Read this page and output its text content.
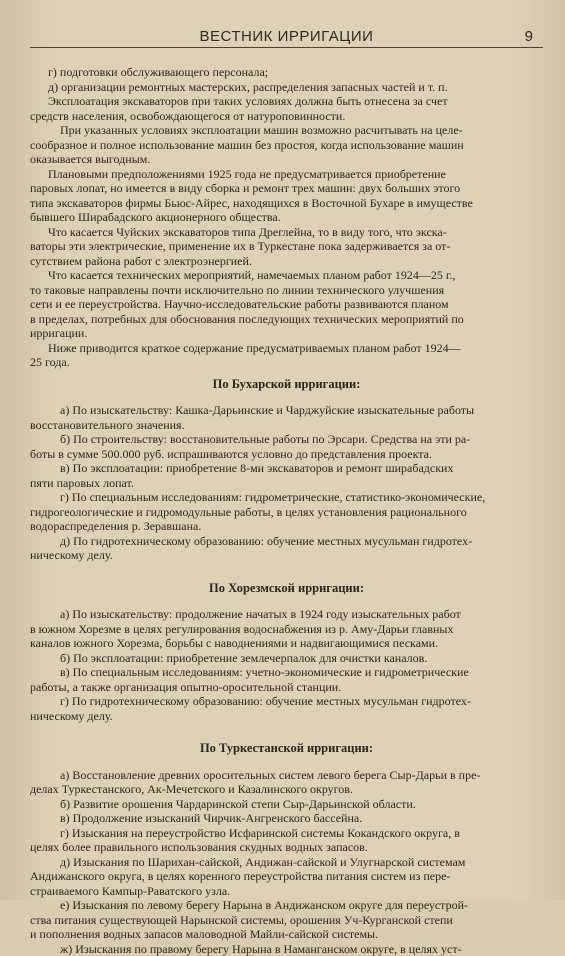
ВЕСТНИК ИРРИГАЦИИ	9
г) подготовки обслуживающего персонала;
д) организации ремонтных мастерских, распределения запасных частей и т. п.
Эксплоатация экскаваторов при таких условиях должна быть отнесена за счет
средств населения, освобождающегося от натуроповинности.
При указанных условиях эксплоатации машин возможно расчитывать на целе-
сообразное и полное использование машин без простоя, когда использование машин
оказывается выгодным.
Плановыми предположениями 1925 года не предусматривается приобретение
паровых лопат, но имеется в виду сборка и ремонт трех машин: двух больших этого
типа экскаваторов фирмы Бьюс-Айрес, находящихся в Восточной Бухаре в имуществе
бывшего Ширабадского акционерного общества.
Что касается Чуйских экскаваторов типа Дреглейна, то в виду того, что экска-
ваторы эти электрические, применение их в Туркестане пока задерживается за от-
сутствием района работ с электроэнергией.
Что касается технических мероприятий, намечаемых планом работ 1924—25 г.,
то таковые направлены почти исключительно по линии технического улучшения
сети и ее переустройства. Научно-исследовательские работы развиваются планом
в пределах, потребных для обоснования последующих технических мероприятий по
ирригации.
Ниже приводится краткое содержание предусматриваемых планом работ 1924—
25 года.
По Бухарской ирригации:
а) По изыскательству: Кашка-Дарьинские и Чарджуйские изыскательные работы
восстановительного значения.
б) По строительству: восстановительные работы по Эрсари. Средства на эти ра-
боты в сумме 500.000 руб. испрашиваются условно до представления проекта.
в) По эксплоатации: приобретение 8-ми экскаваторов и ремонт ширабадских
пяти паровых лопат.
г) По специальным исследованиям: гидрометрические, статистико-экономические,
гидрогеологические и гидромодульные работы, в целях установления рационального
водораспределения р. Зеравшана.
д) По гидротехническому образованию: обучение местных мусульман гидротех-
ническому делу.
По Хорезмской ирригации:
а) По изыскательству: продолжение начатых в 1924 году изыскательных работ
в южном Хорезме в целях регулирования водоснабжения из р. Аму-Дарьи главных
каналов южного Хорезма, борьбы с наводнениями и надвигающимися песками.
б) По эксплоатации: приобретение землечерпалок для очистки каналов.
в) По специальным исследованиям: учетно-экономические и гидрометрические
работы, а также организация опытно-оросительной станции.
г) По гидротехническому образованию: обучение местных мусульман гидротех-
ническому делу.
По Туркестанской ирригации:
а) Восстановление древних оросительных систем левого берега Сыр-Дарьи в пре-
делах Туркестанского, Ак-Мечетского и Казалинского округов.
б) Развитие орошения Чардаринской степи Сыр-Дарьинской области.
в) Продолжение изысканий Чирчик-Ангренского бассейна.
г) Изыскания на переустройство Исфаринской системы Кокандского округа, в
целях более правильного использования скудных водных запасов.
д) Изыскания по Шарихан-сайской, Андижан-сайской и Улугнарской системам
Андижанского округа, в целях коренного переустройства питания систем из пере-
страиваемого Кампыр-Раватского узла.
е) Изыскания по левому берегу Нарына в Андижанском округе для переустрой-
ства питания существующей Нарынской системы, орошения Уч-Курганской степи
и пополнения водных запасов маловодной Майли-сайской системы.
ж) Изыскания по правому берегу Нарына в Наманганском округе, в целях уст-
